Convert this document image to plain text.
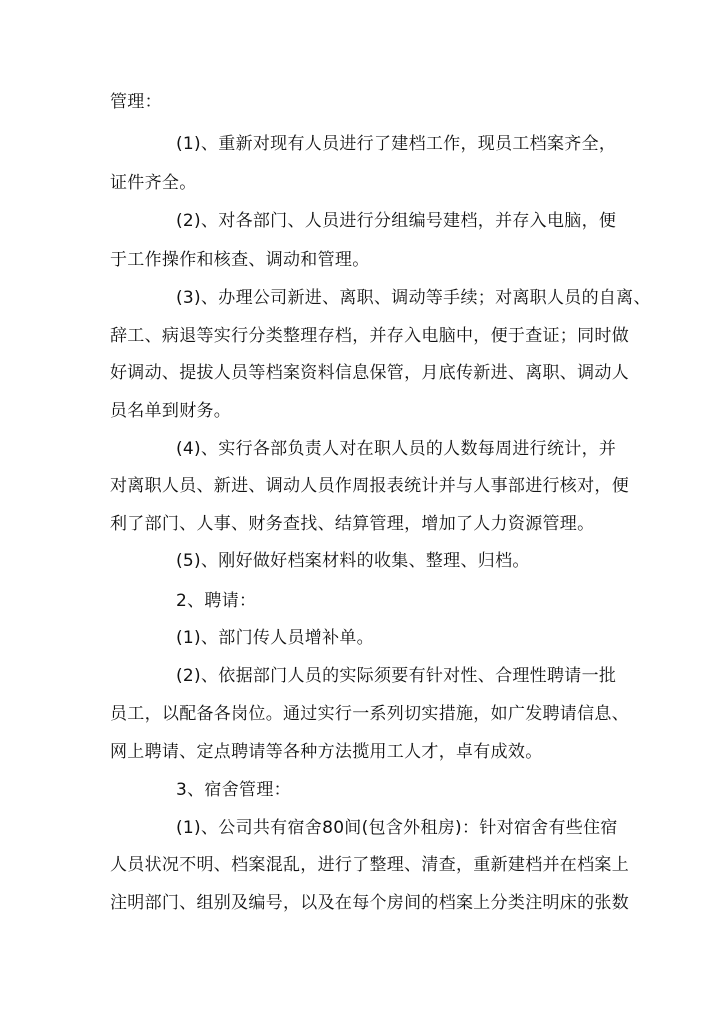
管理：
(1)、重新对现有人员进行了建档工作，现员工档案齐全，
证件齐全。
(2)、对各部门、人员进行分组编号建档，并存入电脑，便
于工作操作和核查、调动和管理。
(3)、办理公司新进、离职、调动等手续；对离职人员的自离、
辞工、病退等实行分类整理存档，并存入电脑中，便于查证；同时做
好调动、提拔人员等档案资料信息保管，月底传新进、离职、调动人
员名单到财务。
(4)、实行各部负责人对在职人员的人数每周进行统计，并
对离职人员、新进、调动人员作周报表统计并与人事部进行核对，便
利了部门、人事、财务查找、结算管理，增加了人力资源管理。
(5)、刚好做好档案材料的收集、整理、归档。
2、聘请：
(1)、部门传人员增补单。
(2)、依据部门人员的实际须要有针对性、合理性聘请一批
员工，以配备各岗位。通过实行一系列切实措施，如广发聘请信息、
网上聘请、定点聘请等各种方法揽用工人才，卓有成效。
3、宿舍管理：
(1)、公司共有宿舍80间(包含外租房)：针对宿舍有些住宿
人员状况不明、档案混乱，进行了整理、清查，重新建档并在档案上
注明部门、组别及编号，以及在每个房间的档案上分类注明床的张数
